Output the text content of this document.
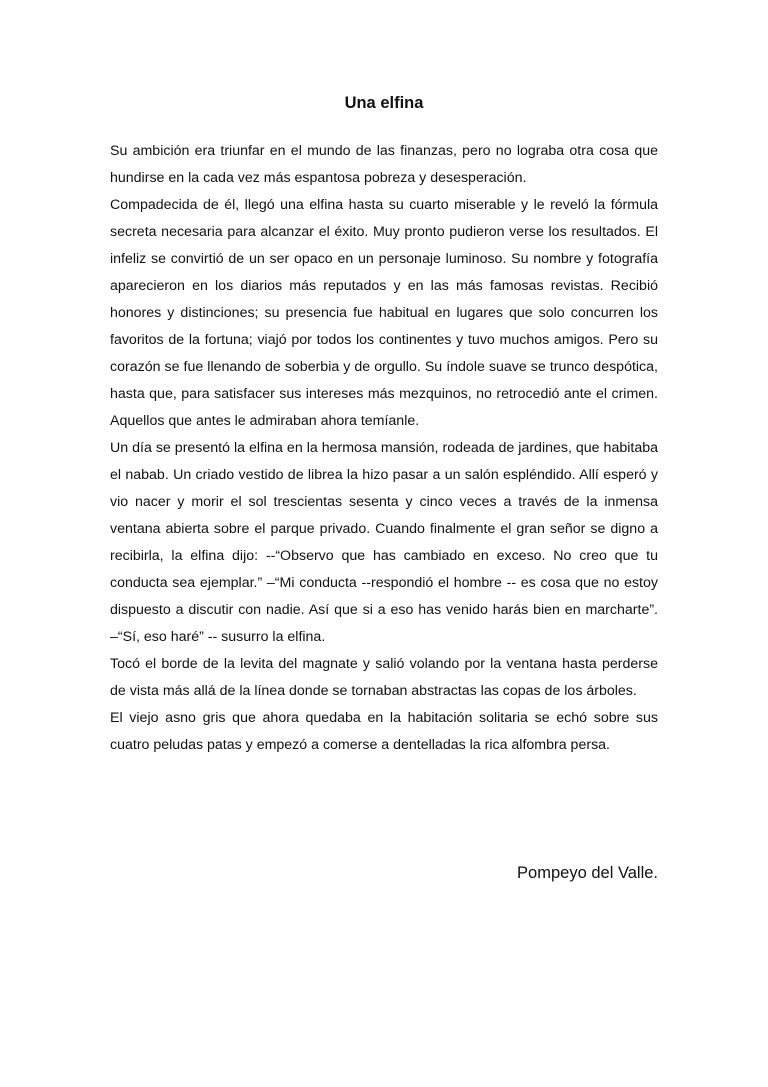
Una elfina

Su ambición era triunfar en el mundo de las finanzas, pero no lograba otra cosa que hundirse en la cada vez más espantosa pobreza y desesperación.

Compadecida de él, llegó una elfina hasta su cuarto miserable y le reveló la fórmula secreta necesaria para alcanzar el éxito. Muy pronto pudieron verse los resultados. El infeliz se convirtió de un ser opaco en un personaje luminoso. Su nombre y fotografía aparecieron en los diarios más reputados y en las más famosas revistas. Recibió honores y distinciones; su presencia fue habitual en lugares que solo concurren los favoritos de la fortuna; viajó por todos los continentes y tuvo muchos amigos. Pero su corazón se fue llenando de soberbia y de orgullo. Su índole suave se trunco despótica, hasta que, para satisfacer sus intereses más mezquinos, no retrocedió ante el crimen. Aquellos que antes le admiraban ahora temíanle.

Un día se presentó la elfina en la hermosa mansión, rodeada de jardines, que habitaba el nabab. Un criado vestido de librea la hizo pasar a un salón espléndido. Allí esperó y vio nacer y morir el sol trescientas sesenta y cinco veces a través de la inmensa ventana abierta sobre el parque privado. Cuando finalmente el gran señor se digno a recibirla, la elfina dijo: --“Observo que has cambiado en exceso. No creo que tu conducta sea ejemplar.” –“Mi conducta --respondió el hombre -- es cosa que no estoy dispuesto a discutir con nadie. Así que si a eso has venido harás bien en marcharte”. –“Sí, eso haré” -- susurro la elfina.

Tocó el borde de la levita del magnate y salió volando por la ventana hasta perderse de vista más allá de la línea donde se tornaban abstractas las copas de los árboles.

El viejo asno gris que ahora quedaba en la habitación solitaria se echó sobre sus cuatro peludas patas y empezó a comerse a dentelladas la rica alfombra persa.

Pompeyo del Valle.
